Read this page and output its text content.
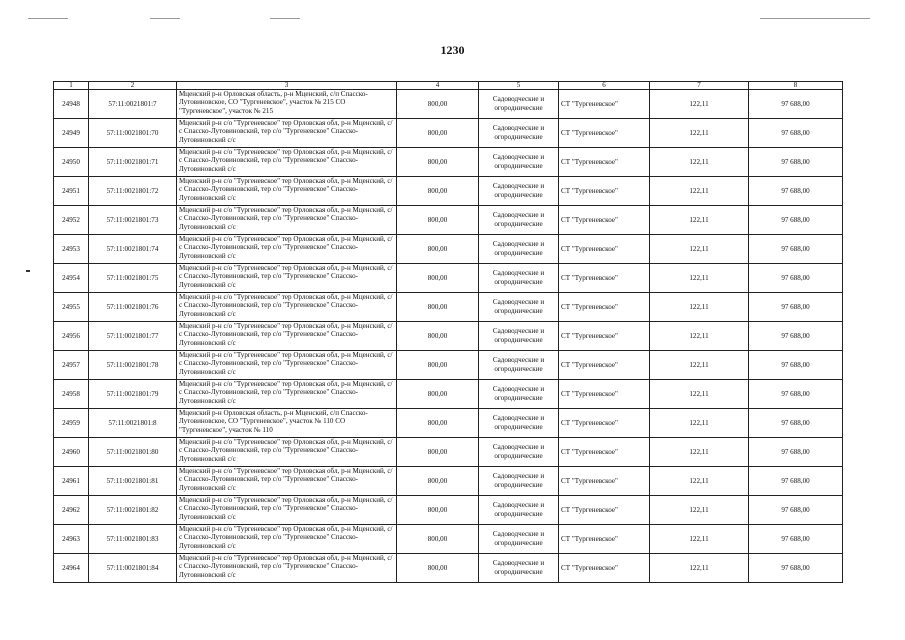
1230
1	2	3	4	5	6	7	8
24948	57:11:0021801:7	Мценский р-н Орловская область, р-н Мценский, с/п Спасско-Лутовиновское, СО "Тургеневское", участок № 215 СО "Тургеневское", участок № 215	800,00	Садоводческие и огороднические	СТ "Тургеневское"	122,11	97 688,00
24949	57:11:0021801:70	Мценский р-н с/о "Тургеневское" тер Орловская обл, р-н Мценский, с/с Спасско-Лутовиновский, тер с/о "Тургеневское" Спасско-Лутовиновский с/с	800,00	Садоводческие и огороднические	СТ "Тургеневское"	122,11	97 688,00
24950	57:11:0021801:71	Мценский р-н с/о "Тургеневское" тер Орловская обл, р-н Мценский, с/с Спасско-Лутовиновский, тер с/о "Тургеневское" Спасско-Лутовиновский с/с	800,00	Садоводческие и огороднические	СТ "Тургеневское"	122,11	97 688,00
24951	57:11:0021801:72	Мценский р-н с/о "Тургеневское" тер Орловская обл, р-н Мценский, с/с Спасско-Лутовиновский, тер с/о "Тургеневское" Спасско-Лутовиновский с/с	800,00	Садоводческие и огороднические	СТ "Тургеневское"	122,11	97 688,00
24952	57:11:0021801:73	Мценский р-н с/о "Тургеневское" тер Орловская обл, р-н Мценский, с/с Спасско-Лутовиновский, тер с/о "Тургеневское" Спасско-Лутовиновский с/с	800,00	Садоводческие и огороднические	СТ "Тургеневское"	122,11	97 688,00
24953	57:11:0021801:74	Мценский р-н с/о "Тургеневское" тер Орловская обл, р-н Мценский, с/с Спасско-Лутовиновский, тер с/о "Тургеневское" Спасско-Лутовиновский с/с	800,00	Садоводческие и огороднические	СТ "Тургеневское"	122,11	97 688,00
24954	57:11:0021801:75	Мценский р-н с/о "Тургеневское" тер Орловская обл, р-н Мценский, с/с Спасско-Лутовиновский, тер с/о "Тургеневское" Спасско-Лутовиновский с/с	800,00	Садоводческие и огороднические	СТ "Тургеневское"	122,11	97 688,00
24955	57:11:0021801:76	Мценский р-н с/о "Тургеневское" тер Орловская обл, р-н Мценский, с/с Спасско-Лутовиновский, тер с/о "Тургеневское" Спасско-Лутовиновский с/с	800,00	Садоводческие и огороднические	СТ "Тургеневское"	122,11	97 688,00
24956	57:11:0021801:77	Мценский р-н с/о "Тургеневское" тер Орловская обл, р-н Мценский, с/с Спасско-Лутовиновский, тер с/о "Тургеневское" Спасско-Лутовиновский с/с	800,00	Садоводческие и огороднические	СТ "Тургеневское"	122,11	97 688,00
24957	57:11:0021801:78	Мценский р-н с/о "Тургеневское" тер Орловская обл, р-н Мценский, с/с Спасско-Лутовиновский, тер с/о "Тургеневское" Спасско-Лутовиновский с/с	800,00	Садоводческие и огороднические	СТ "Тургеневское"	122,11	97 688,00
24958	57:11:0021801:79	Мценский р-н с/о "Тургеневское" тер Орловская обл, р-н Мценский, с/с Спасско-Лутовиновский, тер с/о "Тургеневское" Спасско-Лутовиновский с/с	800,00	Садоводческие и огороднические	СТ "Тургеневское"	122,11	97 688,00
24959	57:11:0021801:8	Мценский р-н Орловская область, р-н Мценский, с/п Спасско-Лутовиновское, СО "Тургеневское", участок № 110 СО "Тургеневское", участок № 110	800,00	Садоводческие и огороднические	СТ "Тургеневское"	122,11	97 688,00
24960	57:11:0021801:80	Мценский р-н с/о "Тургеневское" тер Орловская обл, р-н Мценский, с/с Спасско-Лутовиновский, тер с/о "Тургеневское" Спасско-Лутовиновский с/с	800,00	Садоводческие и огороднические	СТ "Тургеневское"	122,11	97 688,00
24961	57:11:0021801:81	Мценский р-н с/о "Тургеневское" тер Орловская обл, р-н Мценский, с/с Спасско-Лутовиновский, тер с/о "Тургеневское" Спасско-Лутовиновский с/с	800,00	Садоводческие и огороднические	СТ "Тургеневское"	122,11	97 688,00
24962	57:11:0021801:82	Мценский р-н с/о "Тургеневское" тер Орловская обл, р-н Мценский, с/с Спасско-Лутовиновский, тер с/о "Тургеневское" Спасско-Лутовиновский с/с	800,00	Садоводческие и огороднические	СТ "Тургеневское"	122,11	97 688,00
24963	57:11:0021801:83	Мценский р-н с/о "Тургеневское" тер Орловская обл, р-н Мценский, с/с Спасско-Лутовиновский, тер с/о "Тургеневское" Спасско-Лутовиновский с/с	800,00	Садоводческие и огороднические	СТ "Тургеневское"	122,11	97 688,00
24964	57:11:0021801:84	Мценский р-н с/о "Тургеневское" тер Орловская обл, р-н Мценский, с/с Спасско-Лутовиновский, тер с/о "Тургеневское" Спасско-Лутовиновский с/с	800,00	Садоводческие и огороднические	СТ "Тургеневское"	122,11	97 688,00
